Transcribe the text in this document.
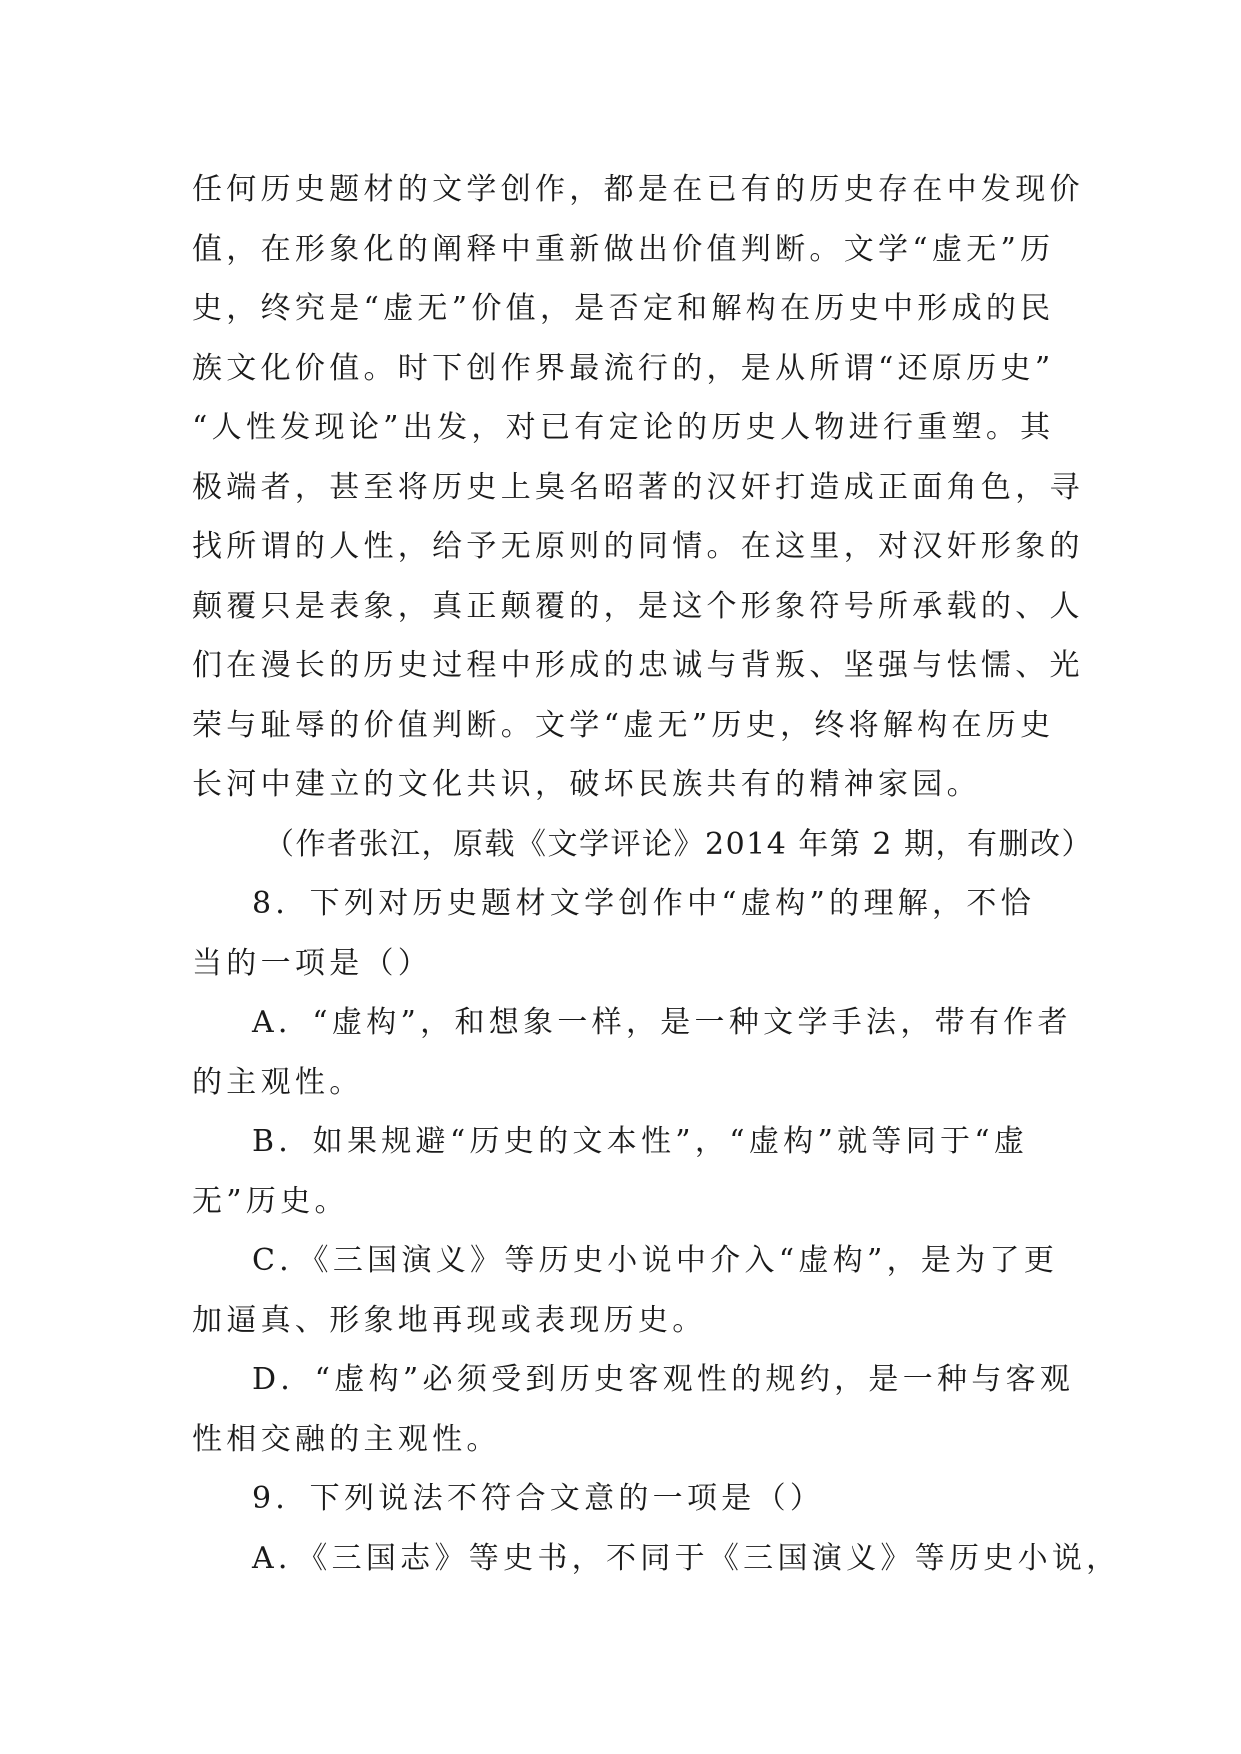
任何历史题材的文学创作，都是在已有的历史存在中发现价
值，在形象化的阐释中重新做出价值判断。文学“虚无”历
史，终究是“虚无”价值，是否定和解构在历史中形成的民
族文化价值。时下创作界最流行的，是从所谓“还原历史”
“人性发现论”出发，对已有定论的历史人物进行重塑。其
极端者，甚至将历史上臭名昭著的汉奸打造成正面角色，寻
找所谓的人性，给予无原则的同情。在这里，对汉奸形象的
颠覆只是表象，真正颠覆的，是这个形象符号所承载的、人
们在漫长的历史过程中形成的忠诚与背叛、坚强与怯懦、光
荣与耻辱的价值判断。文学“虚无”历史，终将解构在历史
长河中建立的文化共识，破坏民族共有的精神家园。
（作者张江，原载《文学评论》2014 年第 2 期，有删改）
8．下列对历史题材文学创作中“虚构”的理解，不恰
当的一项是（）
A．“虚构”，和想象一样，是一种文学手法，带有作者
的主观性。
B．如果规避“历史的文本性”，“虚构”就等同于“虚
无”历史。
C．《三国演义》等历史小说中介入“虚构”，是为了更
加逼真、形象地再现或表现历史。
D．“虚构”必须受到历史客观性的规约，是一种与客观
性相交融的主观性。
9．下列说法不符合文意的一项是（）
A．《三国志》等史书，不同于《三国演义》等历史小说，
